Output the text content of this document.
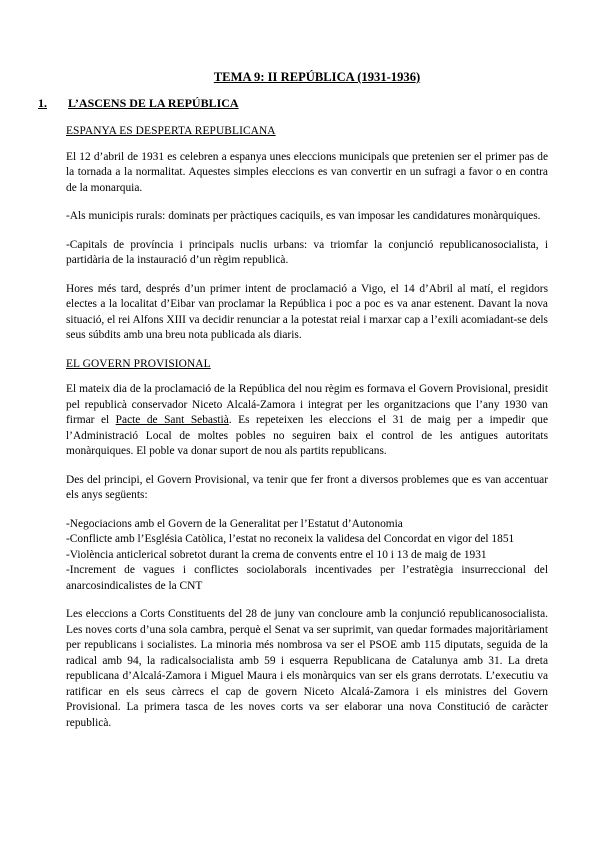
TEMA 9: II REPÚBLICA (1931-1936)
1.	L’ASCENS DE LA REPÚBLICA
ESPANYA ES DESPERTA REPUBLICANA

El 12 d’abril de 1931 es celebren a espanya unes eleccions municipals que pretenien ser el primer pas de la tornada a la normalitat. Aquestes simples eleccions es van convertir en un sufragi a favor o en contra de la monarquia.

-Als municipis rurals: dominats per pràctiques caciquils, es van imposar les candidatures monàrquiques.

-Capitals de província i principals nuclis urbans: va triomfar la conjunció republicanosocialista, i partidària de la instauració d’un règim republicà.

Hores més tard, després d’un primer intent de proclamació a Vigo, el 14 d’Abril al matí, el regidors electes a la localitat d’Eibar van proclamar la República i poc a poc es va anar estenent. Davant la nova situació, el rei Alfons XIII va decidir renunciar a la potestat reial i marxar cap a l’exili acomiadant-se dels seus súbdits amb una breu nota publicada als diaris.

EL GOVERN PROVISIONAL

El mateix dia de la proclamació de la República del nou règim es formava el Govern Provisional, presidit pel republicà conservador Niceto Alcalá-Zamora i integrat per les organitzacions que l’any 1930 van firmar el Pacte de Sant Sebastià. Es repeteixen les eleccions el 31 de maig per a impedir que l’Administració Local de moltes pobles no seguiren baix el control de les antigues autoritats monàrquiques. El poble va donar suport de nou als partits republicans.

Des del principi, el Govern Provisional, va tenir que fer front a diversos problemes que es van accentuar els anys següents:

-Negociacions amb el Govern de la Generalitat per l’Estatut d’Autonomia
-Conflicte amb l’Església Catòlica, l’estat no reconeix la validesa del Concordat en vigor del 1851
-Violència anticlerical sobretot durant la crema de convents entre el 10 i 13 de maig de 1931
-Increment de vagues i conflictes sociolaborals incentivades per l’estratègia insurreccional del anarcosindicalistes de la CNT

Les eleccions a Corts Constituents del 28 de juny van concloure amb la conjunció republicanosocialista. Les noves corts d’una sola cambra, perquè el Senat va ser suprimit, van quedar formades majoritàriament per republicans i socialistes. La minoria més nombrosa va ser el PSOE amb 115 diputats, seguida de la radical amb 94, la radicalsocialista amb 59 i esquerra Republicana de Catalunya amb 31. La dreta republicana d’Alcalá-Zamora i Miguel Maura i els monàrquics van ser els grans derrotats. L’executiu va ratificar en els seus càrrecs el cap de govern Niceto Alcalá-Zamora i els ministres del Govern Provisional. La primera tasca de les noves corts va ser elaborar una nova Constitució de caràcter republicà.
